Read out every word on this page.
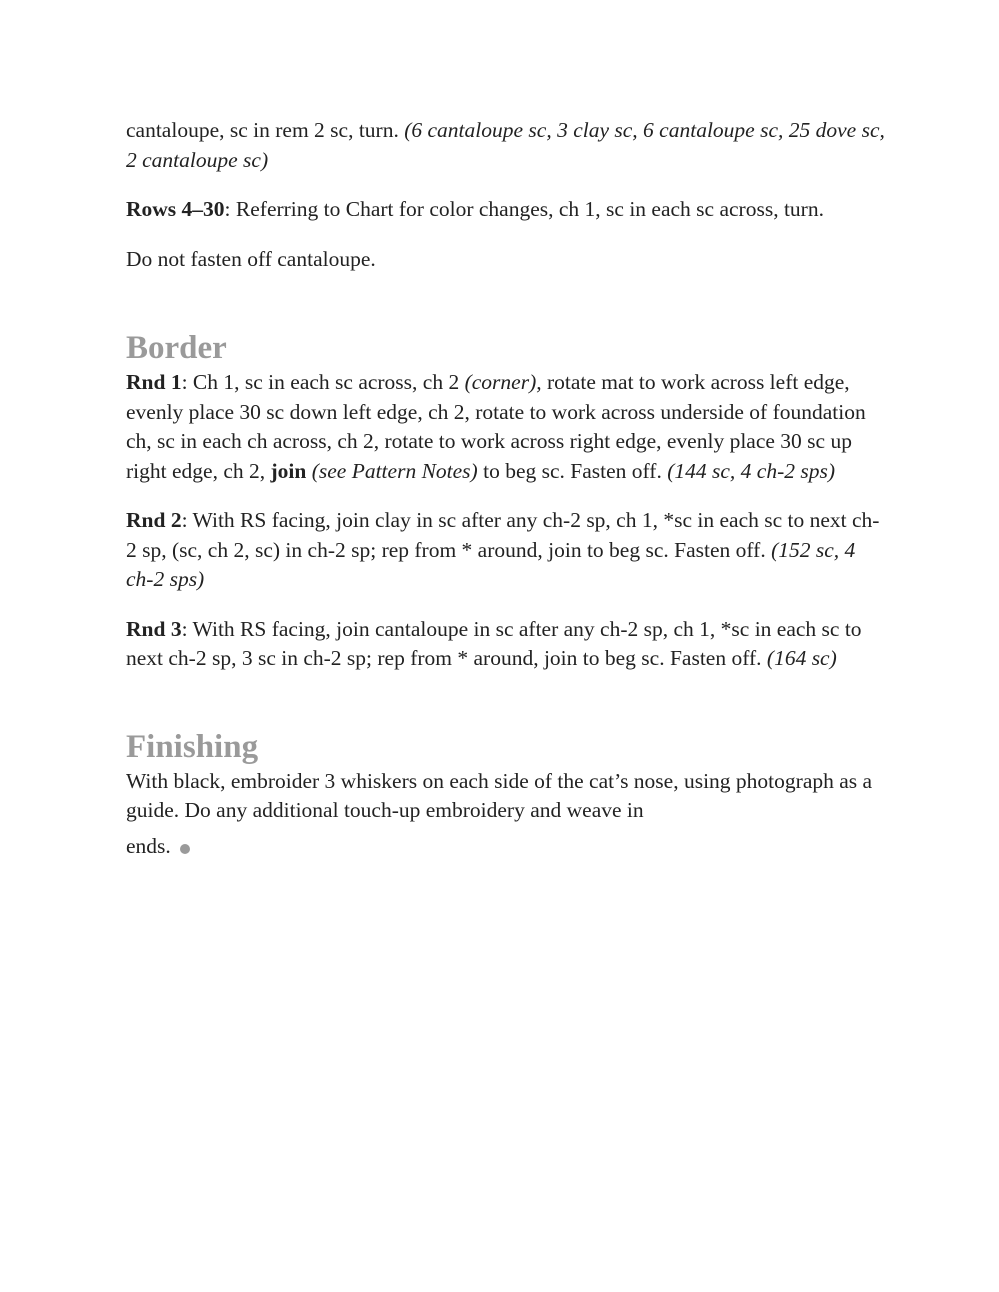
cantaloupe, sc in rem 2 sc, turn. (6 cantaloupe sc, 3 clay sc, 6 cantaloupe sc, 25 dove sc, 2 cantaloupe sc)

Rows 4–30: Referring to Chart for color changes, ch 1, sc in each sc across, turn.

Do not fasten off cantaloupe.

Border

Rnd 1: Ch 1, sc in each sc across, ch 2 (corner), rotate mat to work across left edge, evenly place 30 sc down left edge, ch 2, rotate to work across underside of foundation ch, sc in each ch across, ch 2, rotate to work across right edge, evenly place 30 sc up right edge, ch 2, join (see Pattern Notes) to beg sc. Fasten off. (144 sc, 4 ch-2 sps)

Rnd 2: With RS facing, join clay in sc after any ch-2 sp, ch 1, *sc in each sc to next ch-2 sp, (sc, ch 2, sc) in ch-2 sp; rep from * around, join to beg sc. Fasten off. (152 sc, 4 ch-2 sps)

Rnd 3: With RS facing, join cantaloupe in sc after any ch-2 sp, ch 1, *sc in each sc to next ch-2 sp, 3 sc in ch-2 sp; rep from * around, join to beg sc. Fasten off. (164 sc)

Finishing

With black, embroider 3 whiskers on each side of the cat’s nose, using photograph as a guide. Do any additional touch-up embroidery and weave in
ends.
